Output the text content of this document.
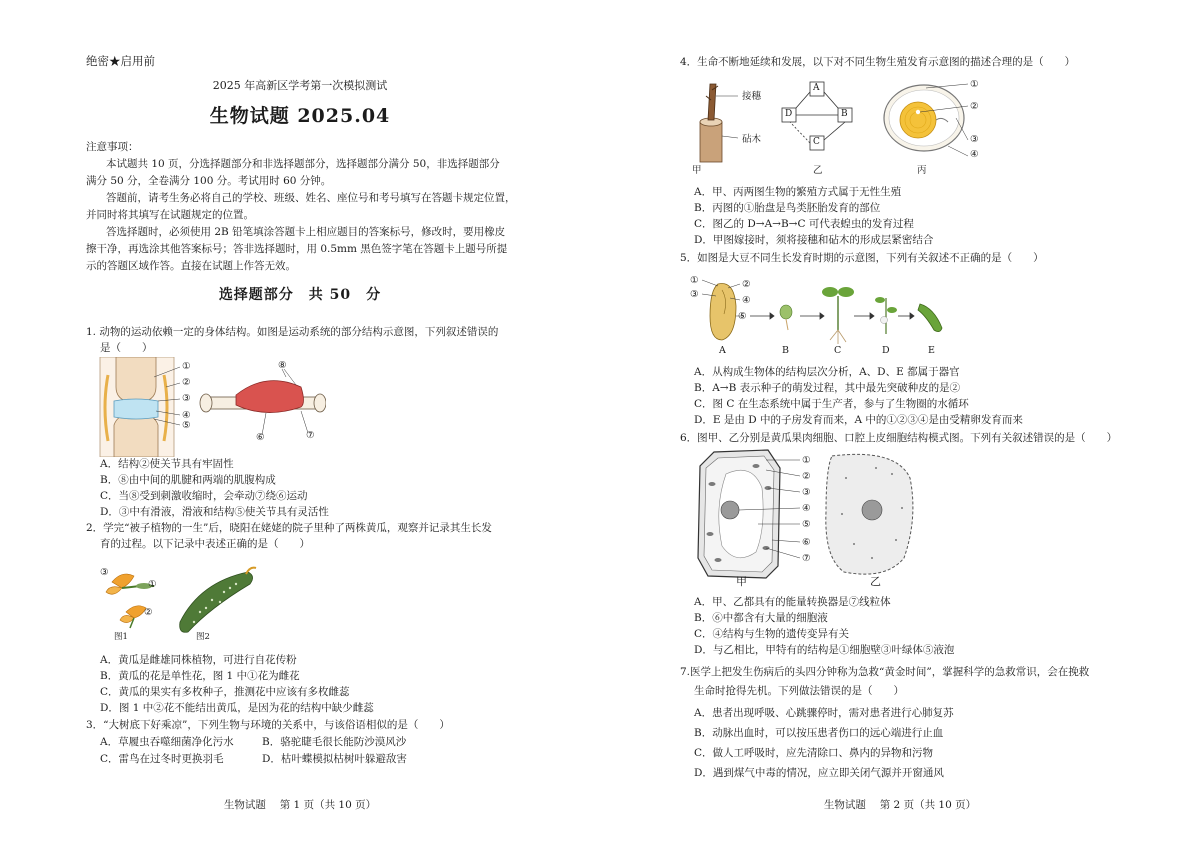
绝密★启用前
2025 年高新区学考第一次模拟测试
生物试题 2025.04
注意事项：
本试题共 10 页，分选择题部分和非选择题部分，选择题部分满分 50，非选择题部分
满分 50 分，全卷满分 100 分。考试用时 60 分钟。
答题前，请考生务必将自己的学校、班级、姓名、座位号和考号填写在答题卡规定位置，
并同时将其填写在试题规定的位置。
答选择题时，必须使用 2B 铅笔填涂答题卡上相应题目的答案标号，修改时，要用橡皮
擦干净，再选涂其他答案标号；答非选择题时，用 0.5mm 黑色签字笔在答题卡上题号所提
示的答题区域作答。直接在试题上作答无效。
选择题部分　共 50　分
1. 动物的运动依赖一定的身体结构。如图是运动系统的部分结构示意图，下列叙述错误的
是（　　）
①
②
③
④
⑤
⑥	⑦
⑧
A．结构②使关节具有牢固性
B．⑧由中间的肌腱和两端的肌腹构成
C．当⑧受到刺激收缩时，会牵动⑦绕⑥运动
D．③中有滑液，滑液和结构⑤使关节具有灵活性
2．学完“被子植物的一生”后，晓阳在姥姥的院子里种了两株黄瓜，观察并记录其生长发
育的过程。以下记录中表述正确的是（　　）
③
①
②
图1	图2
A．黄瓜是雌雄同株植物，可进行自花传粉
B．黄瓜的花是单性花，图 1 中①花为雌花
C．黄瓜的果实有多枚种子，推测花中应该有多枚雌蕊
D．图 1 中②花不能结出黄瓜，是因为花的结构中缺少雌蕊
3．“大树底下好乘凉”，下列生物与环境的关系中，与该俗语相似的是（　　）
A．草履虫吞噬细菌净化污水	B．骆驼睫毛很长能防沙漠风沙
C．雷鸟在过冬时更换羽毛	D．枯叶蝶模拟枯树叶躲避敌害
生物试题　 第 1 页（共 10 页）
4．生命不断地延续和发展，以下对不同生物生殖发育示意图的描述合理的是（　　）
接穗
砧木
A
B
C
D
①
②
③
④
甲	乙	丙
A．甲、丙两图生物的繁殖方式属于无性生殖
B．丙图的①胎盘是鸟类胚胎发育的部位
C．图乙的 D→A→B→C 可代表蝗虫的发育过程
D．甲图嫁接时，须将接穗和砧木的形成层紧密结合
5．如图是大豆不同生长发育时期的示意图，下列有关叙述不正确的是（　　）
①
③
②
④
⑤
A	B	C	D	E
A．从构成生物体的结构层次分析，A、D、E 都属于器官
B．A→B 表示种子的萌发过程，其中最先突破种皮的是②
C．图 C 在生态系统中属于生产者，参与了生物圈的水循环
D．E 是由 D 中的子房发育而来，A 中的①②③④是由受精卵发育而来
6．图甲、乙分别是黄瓜果肉细胞、口腔上皮细胞结构模式图。下列有关叙述错误的是（　　）
①
②
③
④
⑤
⑥
⑦
甲	乙
A．甲、乙都具有的能量转换器是⑦线粒体
B．⑥中都含有大量的细胞液
C．④结构与生物的遗传变异有关
D．与乙相比，甲特有的结构是①细胞壁③叶绿体⑤液泡
7.医学上把发生伤病后的头四分钟称为急救“黄金时间”，掌握科学的急救常识，会在挽救
生命时抢得先机。下列做法错误的是（　　）
A．患者出现呼吸、心跳骤停时，需对患者进行心肺复苏
B．动脉出血时，可以按压患者伤口的远心端进行止血
C．做人工呼吸时，应先清除口、鼻内的异物和污物
D．遇到煤气中毒的情况，应立即关闭气源并开窗通风
生物试题　 第 2 页（共 10 页）
